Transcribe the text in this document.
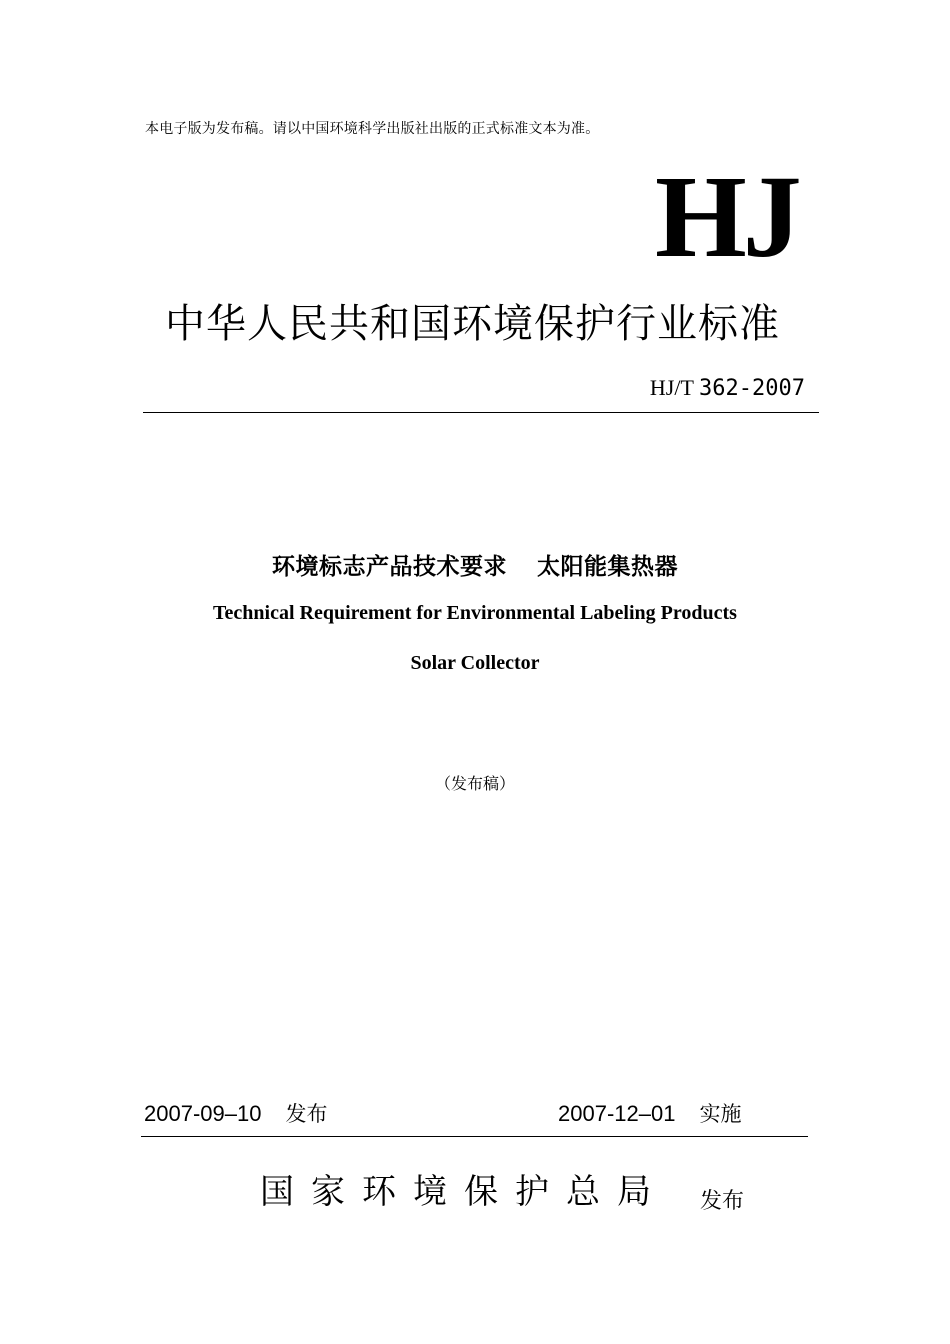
本电子版为发布稿。请以中国环境科学出版社出版的正式标准文本为准。
HJ
中华人民共和国环境保护行业标准
HJ/T 362-2007
环境标志产品技术要求 太阳能集热器
Technical Requirement for Environmental Labeling Products
Solar Collector
（发布稿）
2007-09–10 发布	2007-12–01 实施
国家环境保护总局 发布
